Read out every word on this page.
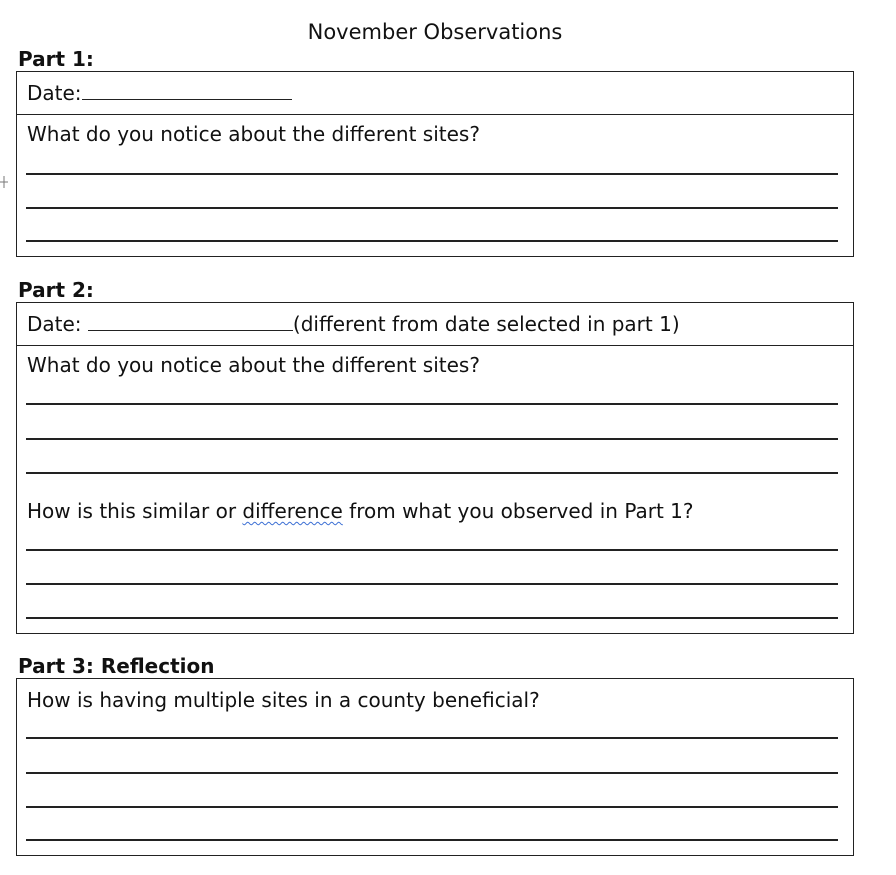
November Observations
Part 1:
Date:
What do you notice about the different sites?
Part 2:
Date:	(different from date selected in part 1)
What do you notice about the different sites?
How is this similar or difference from what you observed in Part 1?
Part 3: Reflection
How is having multiple sites in a county beneficial?
